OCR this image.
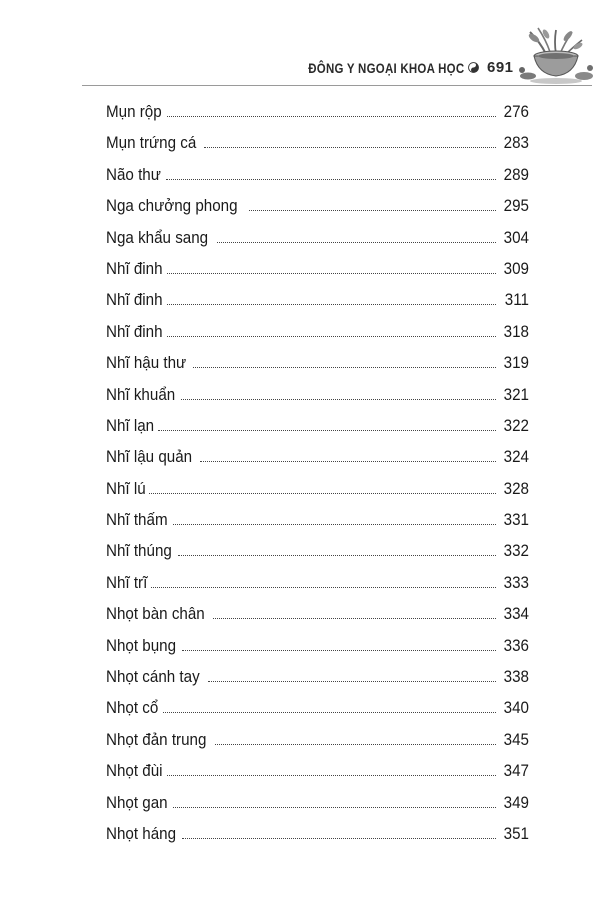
ĐÔNG Y NGOẠI KHOA HỌC 691
Mụn rộp	276
Mụn trứng cá	283
Não thư	289
Nga chưởng phong	295
Nga khẩu sang	304
Nhĩ đinh	309
Nhĩ đinh	311
Nhĩ đinh	318
Nhĩ hậu thư	319
Nhĩ khuẩn	321
Nhĩ lạn	322
Nhĩ lậu quản	324
Nhĩ lú	328
Nhĩ thấm	331
Nhĩ thúng	332
Nhĩ trĩ	333
Nhọt bàn chân	334
Nhọt bụng	336
Nhọt cánh tay	338
Nhọt cổ	340
Nhọt đản trung	345
Nhọt đùi	347
Nhọt gan	349
Nhọt háng	351
